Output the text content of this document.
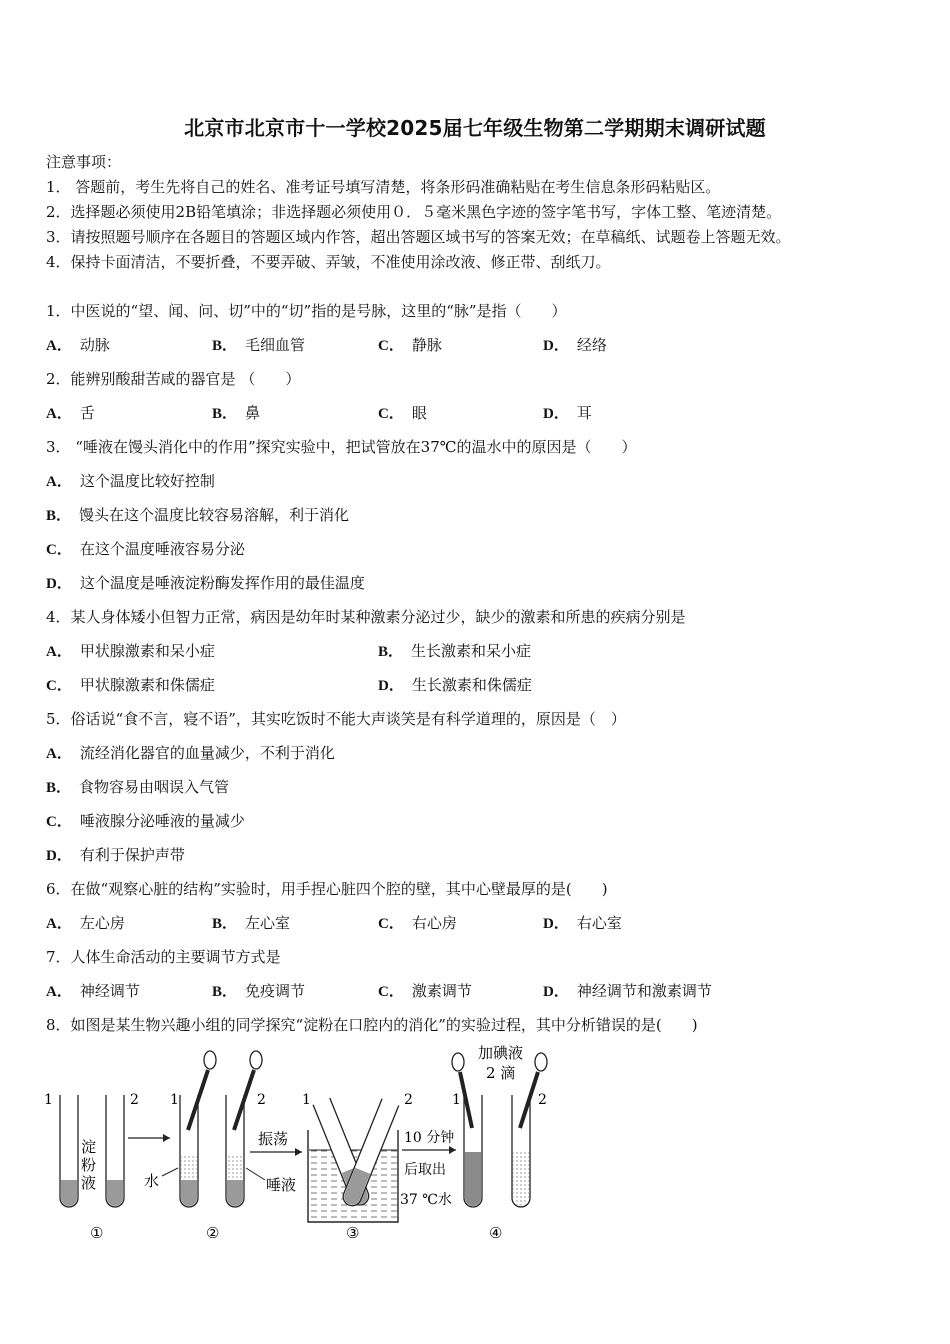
北京市北京市十一学校2025届七年级生物第二学期期末调研试题
注意事项：
1． 答题前，考生先将自己的姓名、准考证号填写清楚，将条形码准确粘贴在考生信息条形码粘贴区。
2．选择题必须使用2B铅笔填涂；非选择题必须使用０．５毫米黑色字迹的签字笔书写，字体工整、笔迹清楚。
3．请按照题号顺序在各题目的答题区域内作答，超出答题区域书写的答案无效；在草稿纸、试题卷上答题无效。
4．保持卡面清洁，不要折叠，不要弄破、弄皱，不准使用涂改液、修正带、刮纸刀。
1．中医说的“望、闻、问、切”中的“切”指的是号脉，这里的“脉”是指（　　）
A． 动脉	B． 毛细血管	C． 静脉	D． 经络
2．能辨别酸甜苦咸的器官是 （　　）
A． 舌	B． 鼻	C． 眼	D． 耳
3． “唾液在馒头消化中的作用”探究实验中，把试管放在37℃的温水中的原因是（　　）
A． 这个温度比较好控制
B． 馒头在这个温度比较容易溶解，利于消化
C． 在这个温度唾液容易分泌
D． 这个温度是唾液淀粉酶发挥作用的最佳温度
4．某人身体矮小但智力正常，病因是幼年时某种激素分泌过少，缺少的激素和所患的疾病分别是
A． 甲状腺激素和呆小症	B． 生长激素和呆小症
C． 甲状腺激素和侏儒症	D． 生长激素和侏儒症
5．俗话说“食不言，寝不语”，其实吃饭时不能大声谈笑是有科学道理的，原因是（　）
A． 流经消化器官的血量减少，不利于消化
B． 食物容易由咽误入气管
C． 唾液腺分泌唾液的量减少
D． 有利于保护声带
6．在做“观察心脏的结构”实验时，用手捏心脏四个腔的壁，其中心壁最厚的是(　　)
A． 左心房	B． 左心室	C． 右心房	D． 右心室
7．人体生命活动的主要调节方式是
A． 神经调节	B． 免疫调节	C． 激素调节	D． 神经调节和激素调节
8．如图是某生物兴趣小组的同学探究“淀粉在口腔内的消化”的实验过程，其中分析错误的是(　　)
1	2
淀
粉
液
①
1	2
水	唾液
②
振荡
1	2
③
10 分钟
后取出
37 ℃水
加碘液
2 滴
1	2
④
